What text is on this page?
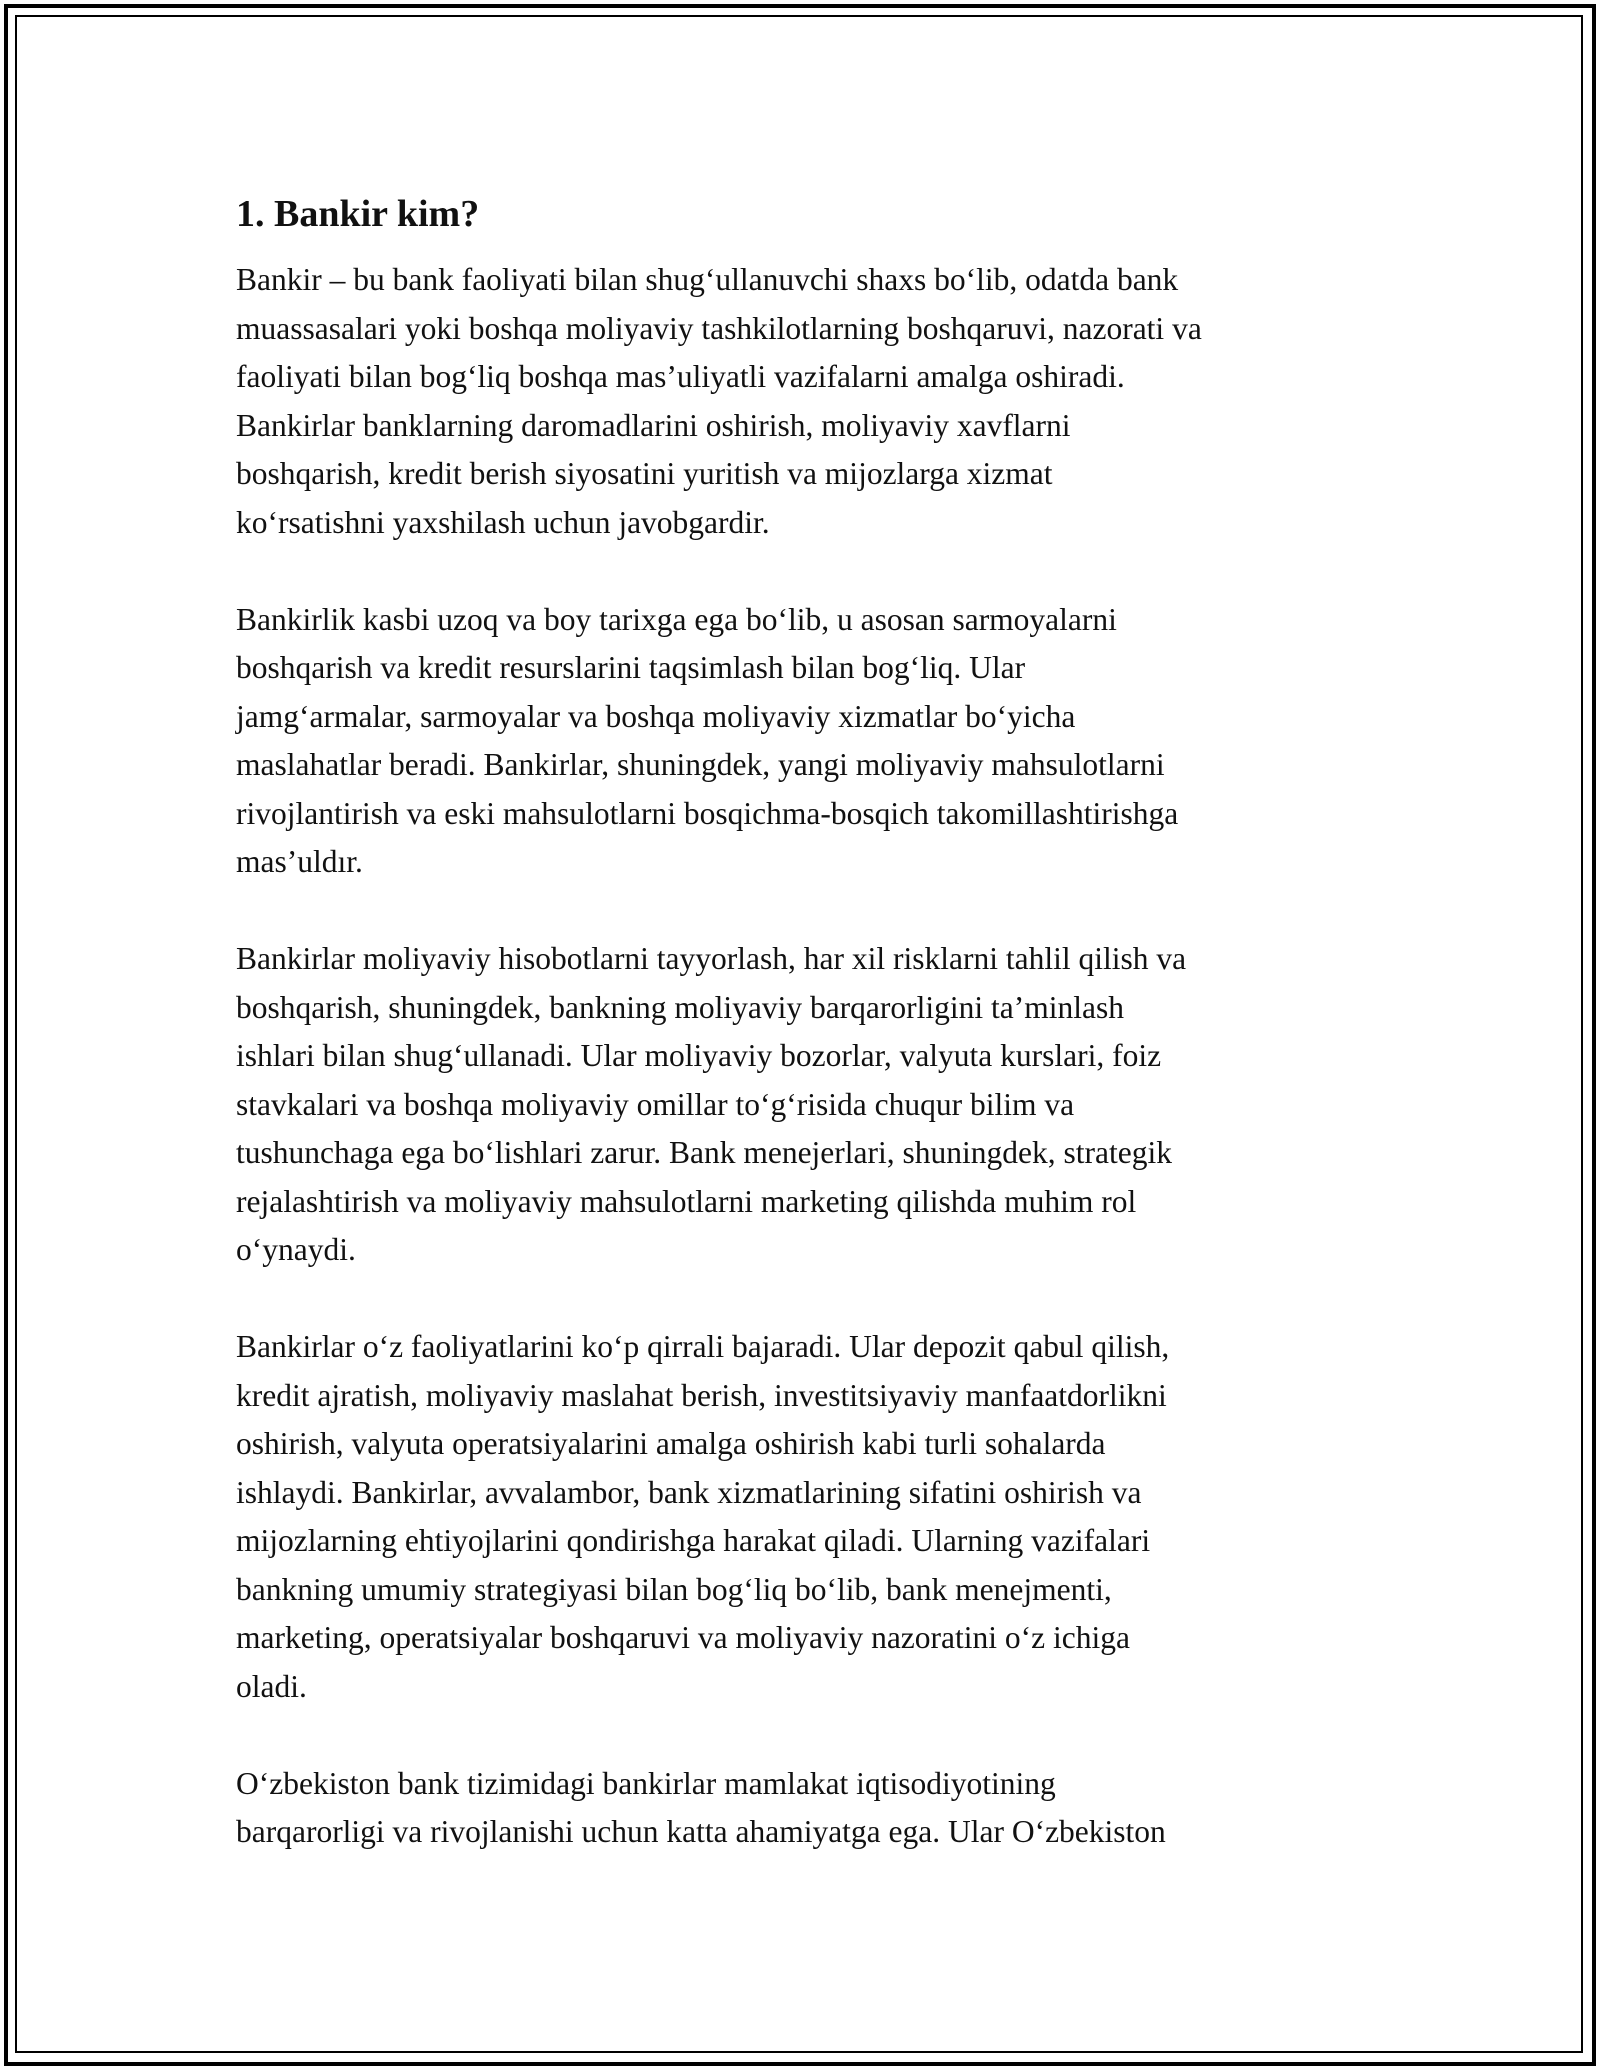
1. Bankir kim?

Bankir – bu bank faoliyati bilan shug‘ullanuvchi shaxs bo‘lib, odatda bank
muassasalari yoki boshqa moliyaviy tashkilotlarning boshqaruvi, nazorati va
faoliyati bilan bog‘liq boshqa mas’uliyatli vazifalarni amalga oshiradi.
Bankirlar banklarning daromadlarini oshirish, moliyaviy xavflarni
boshqarish, kredit berish siyosatini yuritish va mijozlarga xizmat
ko‘rsatishni yaxshilash uchun javobgardir.

Bankirlik kasbi uzoq va boy tarixga ega bo‘lib, u asosan sarmoyalarni
boshqarish va kredit resurslarini taqsimlash bilan bog‘liq. Ular
jamg‘armalar, sarmoyalar va boshqa moliyaviy xizmatlar bo‘yicha
maslahatlar beradi. Bankirlar, shuningdek, yangi moliyaviy mahsulotlarni
rivojlantirish va eski mahsulotlarni bosqichma-bosqich takomillashtirishga
mas’uldır.

Bankirlar moliyaviy hisobotlarni tayyorlash, har xil risklarni tahlil qilish va
boshqarish, shuningdek, bankning moliyaviy barqarorligini ta’minlash
ishlari bilan shug‘ullanadi. Ular moliyaviy bozorlar, valyuta kurslari, foiz
stavkalari va boshqa moliyaviy omillar to‘g‘risida chuqur bilim va
tushunchaga ega bo‘lishlari zarur. Bank menejerlari, shuningdek, strategik
rejalashtirish va moliyaviy mahsulotlarni marketing qilishda muhim rol
o‘ynaydi.

Bankirlar o‘z faoliyatlarini ko‘p qirrali bajaradi. Ular depozit qabul qilish,
kredit ajratish, moliyaviy maslahat berish, investitsiyaviy manfaatdorlikni
oshirish, valyuta operatsiyalarini amalga oshirish kabi turli sohalarda
ishlaydi. Bankirlar, avvalambor, bank xizmatlarining sifatini oshirish va
mijozlarning ehtiyojlarini qondirishga harakat qiladi. Ularning vazifalari
bankning umumiy strategiyasi bilan bog‘liq bo‘lib, bank menejmenti,
marketing, operatsiyalar boshqaruvi va moliyaviy nazoratini o‘z ichiga
oladi.

O‘zbekiston bank tizimidagi bankirlar mamlakat iqtisodiyotining
barqarorligi va rivojlanishi uchun katta ahamiyatga ega. Ular O‘zbekiston
